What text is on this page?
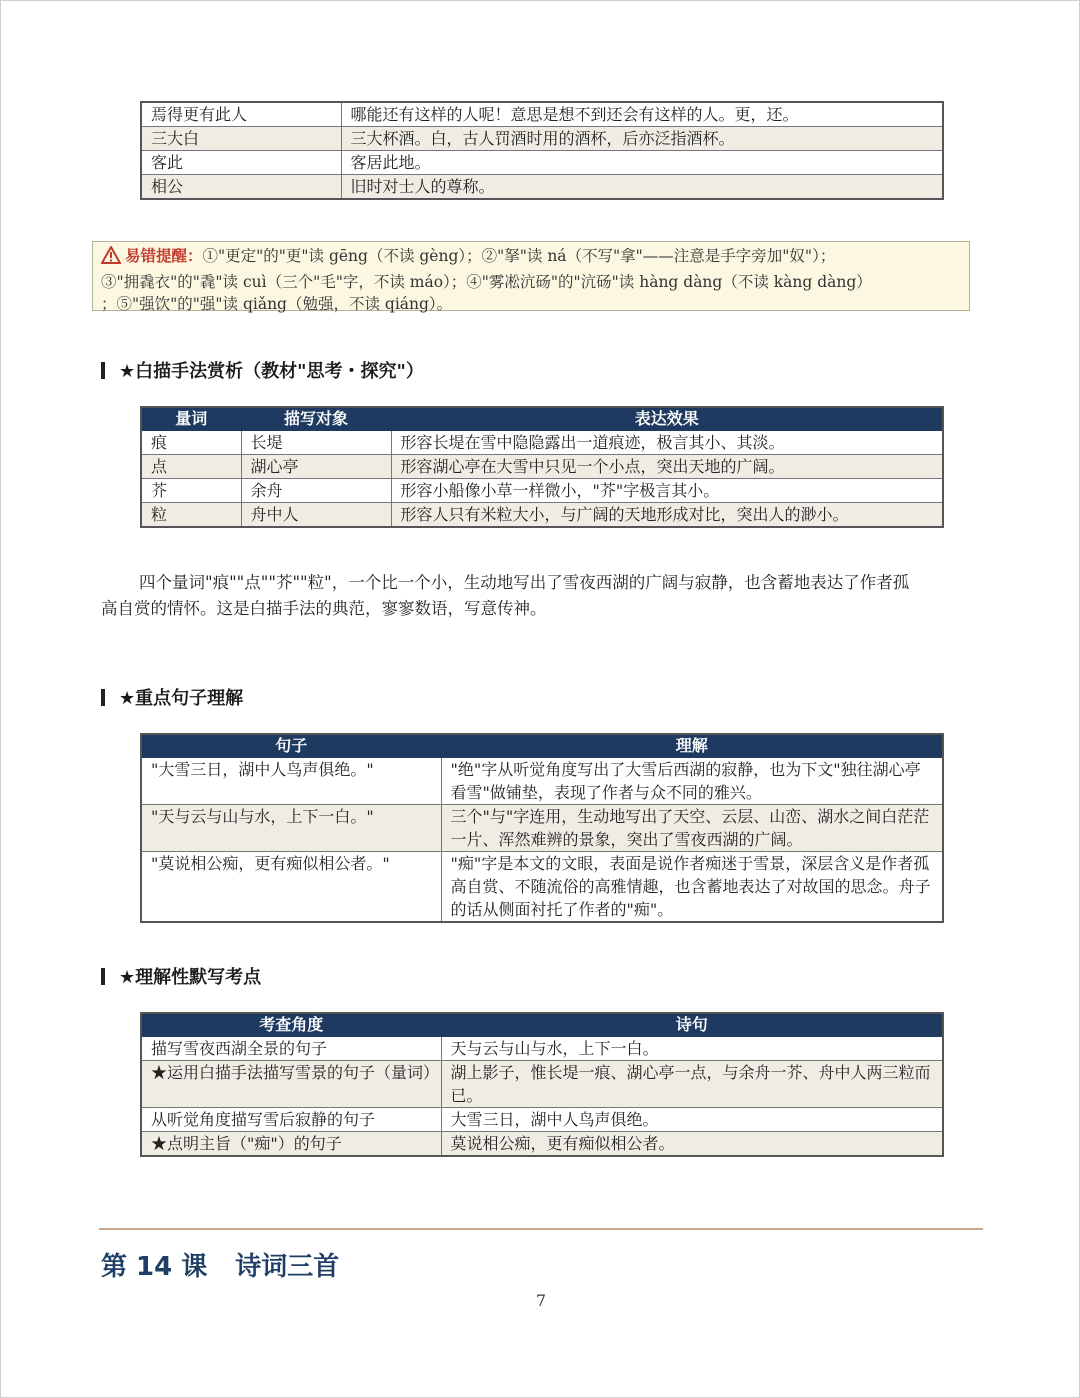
焉得更有此人	哪能还有这样的人呢！意思是想不到还会有这样的人。更，还。
三大白	三大杯酒。白，古人罚酒时用的酒杯，后亦泛指酒杯。
客此	客居此地。
相公	旧时对士人的尊称。
易错提醒：①"更定"的"更"读 gēng（不读 gèng）；②"拏"读 ná（不写"拿"——注意是手字旁加"奴"）；
③"拥毳衣"的"毳"读 cuì（三个"毛"字，不读 máo）；④"雾凇沆砀"的"沆砀"读 hàng dàng（不读 kàng dàng）
；⑤"强饮"的"强"读 qiǎng（勉强，不读 qiáng）。
★白描手法赏析（教材"思考・探究"）
量词	描写对象	表达效果
痕	长堤	形容长堤在雪中隐隐露出一道痕迹，极言其小、其淡。
点	湖心亭	形容湖心亭在大雪中只见一个小点，突出天地的广阔。
芥	余舟	形容小船像小草一样微小，"芥"字极言其小。
粒	舟中人	形容人只有米粒大小，与广阔的天地形成对比，突出人的渺小。
四个量词"痕""点""芥""粒"，一个比一个小，生动地写出了雪夜西湖的广阔与寂静，也含蓄地表达了作者孤
高自赏的情怀。这是白描手法的典范，寥寥数语，写意传神。
★重点句子理解
句子	理解
"大雪三日，湖中人鸟声俱绝。"	"绝"字从听觉角度写出了大雪后西湖的寂静，也为下文"独往湖心亭看雪"做铺垫，表现了作者与众不同的雅兴。
"天与云与山与水，上下一白。"	三个"与"字连用，生动地写出了天空、云层、山峦、湖水之间白茫茫一片、浑然难辨的景象，突出了雪夜西湖的广阔。
"莫说相公痴，更有痴似相公者。"	"痴"字是本文的文眼，表面是说作者痴迷于雪景，深层含义是作者孤高自赏、不随流俗的高雅情趣，也含蓄地表达了对故国的思念。舟子的话从侧面衬托了作者的"痴"。
★理解性默写考点
考查角度	诗句
描写雪夜西湖全景的句子	天与云与山与水，上下一白。
★运用白描手法描写雪景的句子（量词）	湖上影子，惟长堤一痕、湖心亭一点，与余舟一芥、舟中人两三粒而已。
从听觉角度描写雪后寂静的句子	大雪三日，湖中人鸟声俱绝。
★点明主旨（"痴"）的句子	莫说相公痴，更有痴似相公者。
第 14 课 诗词三首
7
